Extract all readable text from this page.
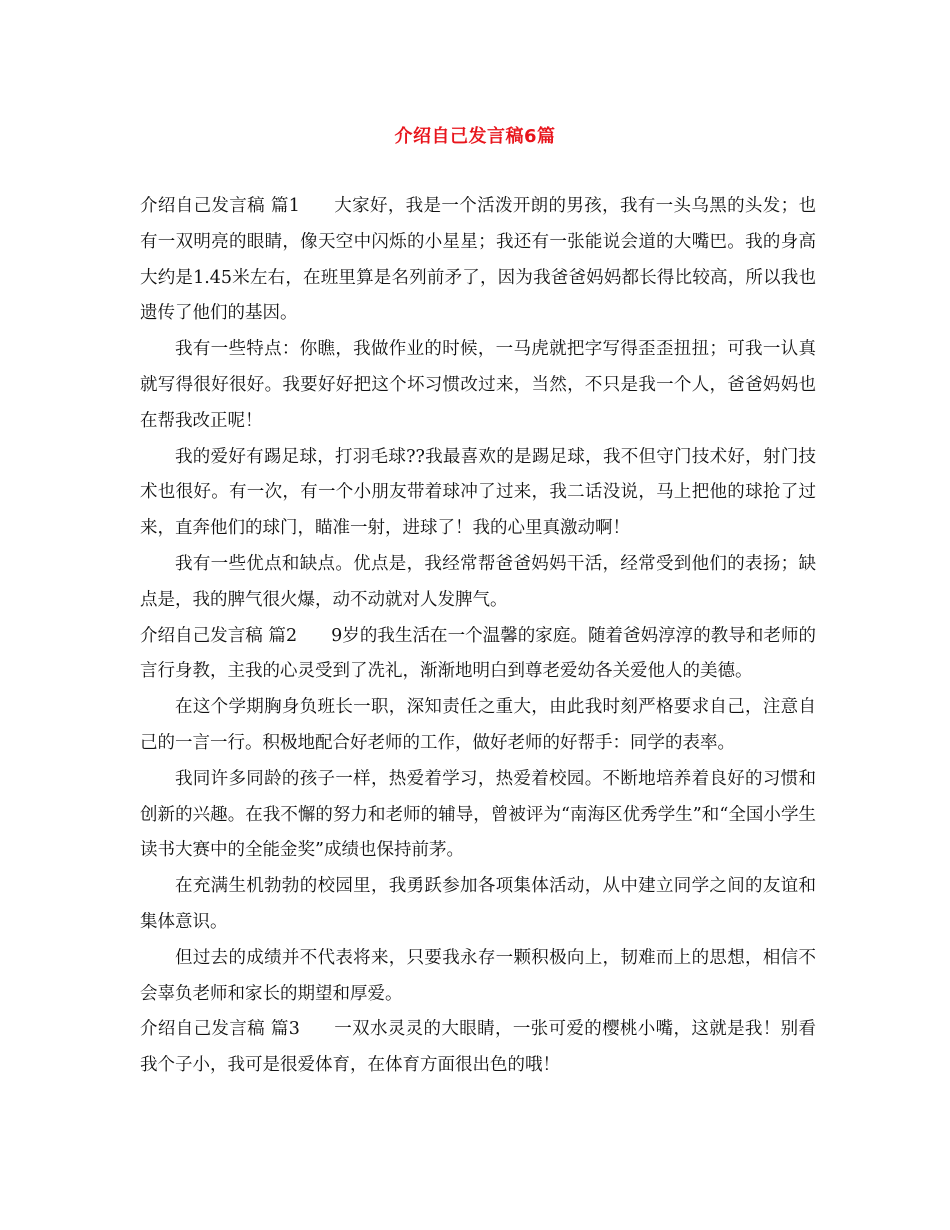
介绍自己发言稿6篇

介绍自己发言稿 篇1 大家好，我是一个活泼开朗的男孩，我有一头乌黑的头发；也有一双明亮的眼睛，像天空中闪烁的小星星；我还有一张能说会道的大嘴巴。我的身高大约是1.45米左右，在班里算是名列前矛了，因为我爸爸妈妈都长得比较高，所以我也遗传了他们的基因。

我有一些特点：你瞧，我做作业的时候，一马虎就把字写得歪歪扭扭；可我一认真就写得很好很好。我要好好把这个坏习惯改过来，当然，不只是我一个人，爸爸妈妈也在帮我改正呢！

我的爱好有踢足球，打羽毛球??我最喜欢的是踢足球，我不但守门技术好，射门技术也很好。有一次，有一个小朋友带着球冲了过来，我二话没说，马上把他的球抢了过来，直奔他们的球门，瞄准一射，进球了！我的心里真激动啊！

我有一些优点和缺点。优点是，我经常帮爸爸妈妈干活，经常受到他们的表扬；缺点是，我的脾气很火爆，动不动就对人发脾气。

介绍自己发言稿 篇2 9岁的我生活在一个温馨的家庭。随着爸妈淳淳的教导和老师的言行身教，主我的心灵受到了冼礼，渐渐地明白到尊老爱幼各关爱他人的美德。

在这个学期胸身负班长一职，深知责任之重大，由此我时刻严格要求自己，注意自己的一言一行。积极地配合好老师的工作，做好老师的好帮手：同学的表率。

我同许多同龄的孩子一样，热爱着学习，热爱着校园。不断地培养着良好的习惯和创新的兴趣。在我不懈的努力和老师的辅导，曾被评为“南海区优秀学生”和“全国小学生读书大赛中的全能金奖”成绩也保持前茅。

在充满生机勃勃的校园里，我勇跃参加各项集体活动，从中建立同学之间的友谊和集体意识。

但过去的成绩并不代表将来，只要我永存一颗积极向上，韧难而上的思想，相信不会辜负老师和家长的期望和厚爱。

介绍自己发言稿 篇3 一双水灵灵的大眼睛，一张可爱的樱桃小嘴，这就是我！别看我个子小，我可是很爱体育，在体育方面很出色的哦！
